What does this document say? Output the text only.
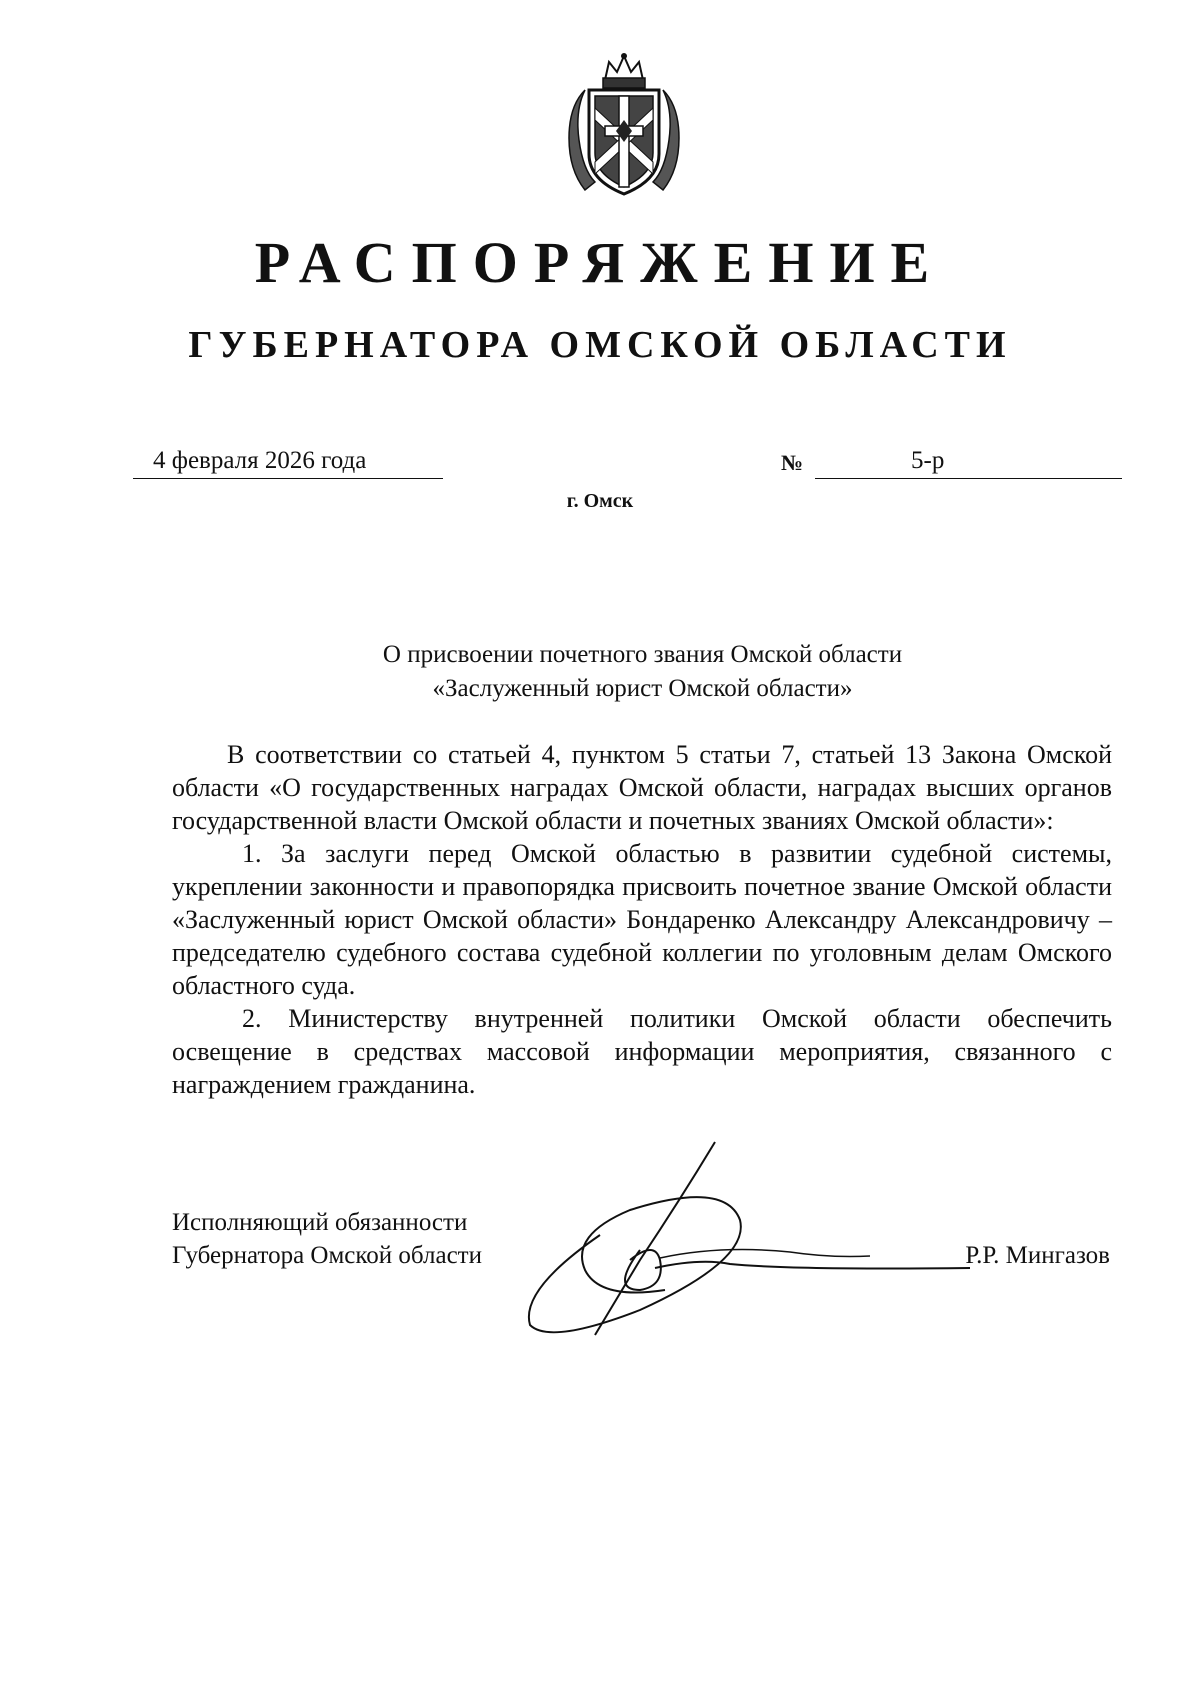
РАСПОРЯЖЕНИЕ
ГУБЕРНАТОРА ОМСКОЙ ОБЛАСТИ
4 февраля 2026 года	№	5-р
г. Омск
О присвоении почетного звания Омской области
«Заслуженный юрист Омской области»

В соответствии со статьей 4, пунктом 5 статьи 7, статьей 13 Закона Омской области «О государственных наградах Омской области, наградах высших органов государственной власти Омской области и почетных званиях Омской области»:

1. За заслуги перед Омской областью в развитии судебной системы, укреплении законности и правопорядка присвоить почетное звание Омской области «Заслуженный юрист Омской области» Бондаренко Александру Александровичу – председателю судебного состава судебной коллегии по уголовным делам Омского областного суда.

2. Министерству внутренней политики Омской области обеспечить освещение в средствах массовой информации мероприятия, связанного с награждением гражданина.

Исполняющий обязанности
Губернатора Омской области	Р.Р. Мингазов
